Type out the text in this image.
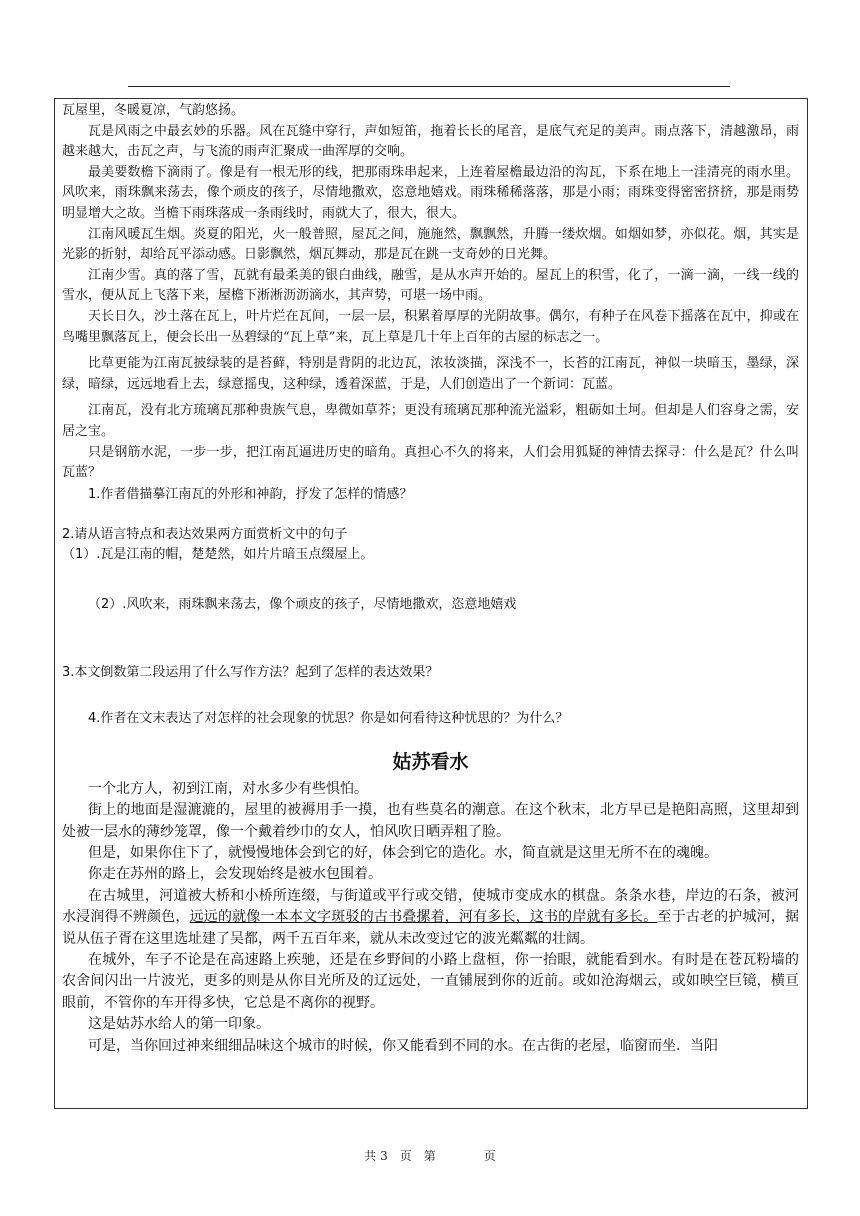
瓦屋里，冬暖夏凉，气韵悠扬。

瓦是风雨之中最玄妙的乐器。风在瓦缝中穿行，声如短笛，拖着长长的尾音，是底气充足的美声。雨点落下，清越激昂，雨越来越大，击瓦之声，与飞流的雨声汇聚成一曲浑厚的交响。

最美要数檐下滴雨了。像是有一根无形的线，把那雨珠串起来，上连着屋檐最边沿的沟瓦，下系在地上一洼清亮的雨水里。风吹来，雨珠飘来荡去，像个顽皮的孩子，尽情地撒欢，恣意地嬉戏。雨珠稀稀落落，那是小雨；雨珠变得密密挤挤，那是雨势明显增大之故。当檐下雨珠落成一条雨线时，雨就大了，很大，很大。

江南风暖瓦生烟。炎夏的阳光，火一般普照，屋瓦之间，施施然，飘飘然，升腾一缕炊烟。如烟如梦，亦似花。烟，其实是光影的折射，却给瓦平添动感。日影飘然，烟瓦舞动，那是瓦在跳一支奇妙的日光舞。

江南少雪。真的落了雪，瓦就有最柔美的银白曲线，融雪，是从水声开始的。屋瓦上的积雪，化了，一滴一滴，一线一线的雪水，便从瓦上飞落下来，屋檐下淅淅沥沥滴水，其声势，可堪一场中雨。

天长日久，沙土落在瓦上，叶片烂在瓦间，一层一层，积累着厚厚的光阴故事。偶尔，有种子在风卷下摇落在瓦中，抑或在鸟嘴里飘落瓦上，便会长出一丛碧绿的“瓦上草”来，瓦上草是几十年上百年的古屋的标志之一。

比草更能为江南瓦披绿装的是苔藓，特别是背阴的北边瓦，浓妆淡描，深浅不一，长苔的江南瓦，神似一块暗玉，墨绿，深绿，暗绿，远远地看上去，绿意摇曳，这种绿，透着深蓝，于是，人们创造出了一个新词：瓦蓝。

江南瓦，没有北方琉璃瓦那种贵族气息，卑微如草芥；更没有琉璃瓦那种流光溢彩，粗砺如土坷。但却是人们容身之需，安居之宝。

只是钢筋水泥，一步一步，把江南瓦逼进历史的暗角。真担心不久的将来，人们会用狐疑的神情去探寻：什么是瓦？什么叫瓦蓝？

1.作者借描摹江南瓦的外形和神韵，抒发了怎样的情感？

2.请从语言特点和表达效果两方面赏析文中的句子

（1）.瓦是江南的帽，楚楚然，如片片暗玉点缀屋上。

（2）.风吹来，雨珠飘来荡去，像个顽皮的孩子，尽情地撒欢，恣意地嬉戏

3.本文倒数第二段运用了什么写作方法？起到了怎样的表达效果？

4.作者在文末表达了对怎样的社会现象的忧思？你是如何看待这种忧思的？为什么？

姑苏看水

一个北方人，初到江南，对水多少有些惧怕。

街上的地面是湿漉漉的，屋里的被褥用手一摸，也有些莫名的潮意。在这个秋末，北方早已是艳阳高照，这里却到处被一层水的薄纱笼罩，像一个戴着纱巾的女人，怕风吹日晒弄粗了脸。

但是，如果你住下了，就慢慢地体会到它的好，体会到它的造化。水，简直就是这里无所不在的魂魄。

你走在苏州的路上，会发现始终是被水包围着。

在古城里，河道被大桥和小桥所连缀，与街道或平行或交错，使城市变成水的棋盘。条条水巷，岸边的石条，被河水浸润得不辨颜色，远远的就像一本本文字斑驳的古书叠摞着，河有多长，这书的岸就有多长。至于古老的护城河，据说从伍子胥在这里选址建了吴都，两千五百年来，就从未改变过它的波光粼粼的壮阔。

在城外，车子不论是在高速路上疾驰，还是在乡野间的小路上盘桓，你一抬眼，就能看到水。有时是在苍瓦粉墙的农舍间闪出一片波光，更多的则是从你目光所及的辽远处，一直铺展到你的近前。或如沧海烟云，或如映空巨镜，横亘眼前，不管你的车开得多快，它总是不离你的视野。

这是姑苏水给人的第一印象。

可是，当你回过神来细细品味这个城市的时候，你又能看到不同的水。在古街的老屋，临窗而坐．当阳

共 3 页 第	页
